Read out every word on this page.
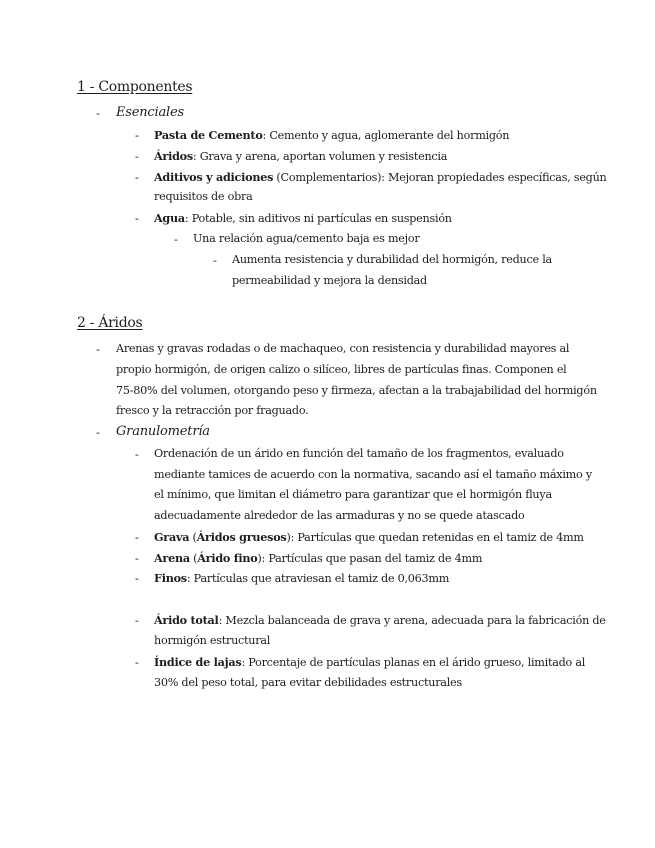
1 - Componentes
- Esenciales
- Pasta de Cemento: Cemento y agua, aglomerante del hormigón
- Áridos: Grava y arena, aportan volumen y resistencia
- Aditivos y adiciones (Complementarios): Mejoran propiedades específicas, según
requisitos de obra
- Agua: Potable, sin aditivos ni partículas en suspensión
- Una relación agua/cemento baja es mejor
- Aumenta resistencia y durabilidad del hormigón, reduce la
permeabilidad y mejora la densidad
2 - Áridos
- Arenas y gravas rodadas o de machaqueo, con resistencia y durabilidad mayores al
propio hormigón, de origen calizo o silíceo, libres de partículas finas. Componen el
75-80% del volumen, otorgando peso y firmeza, afectan a la trabajabilidad del hormigón
fresco y la retracción por fraguado.
- Granulometría
- Ordenación de un árido en función del tamaño de los fragmentos, evaluado
mediante tamices de acuerdo con la normativa, sacando así el tamaño máximo y
el mínimo, que limitan el diámetro para garantizar que el hormigón fluya
adecuadamente alrededor de las armaduras y no se quede atascado
- Grava (Áridos gruesos): Partículas que quedan retenidas en el tamiz de 4mm
- Arena (Árido fino): Partículas que pasan del tamiz de 4mm
- Finos: Partículas que atraviesan el tamiz de 0,063mm
- Árido total: Mezcla balanceada de grava y arena, adecuada para la fabricación de
hormigón estructural
- Índice de lajas: Porcentaje de partículas planas en el árido grueso, limitado al
30% del peso total, para evitar debilidades estructurales
